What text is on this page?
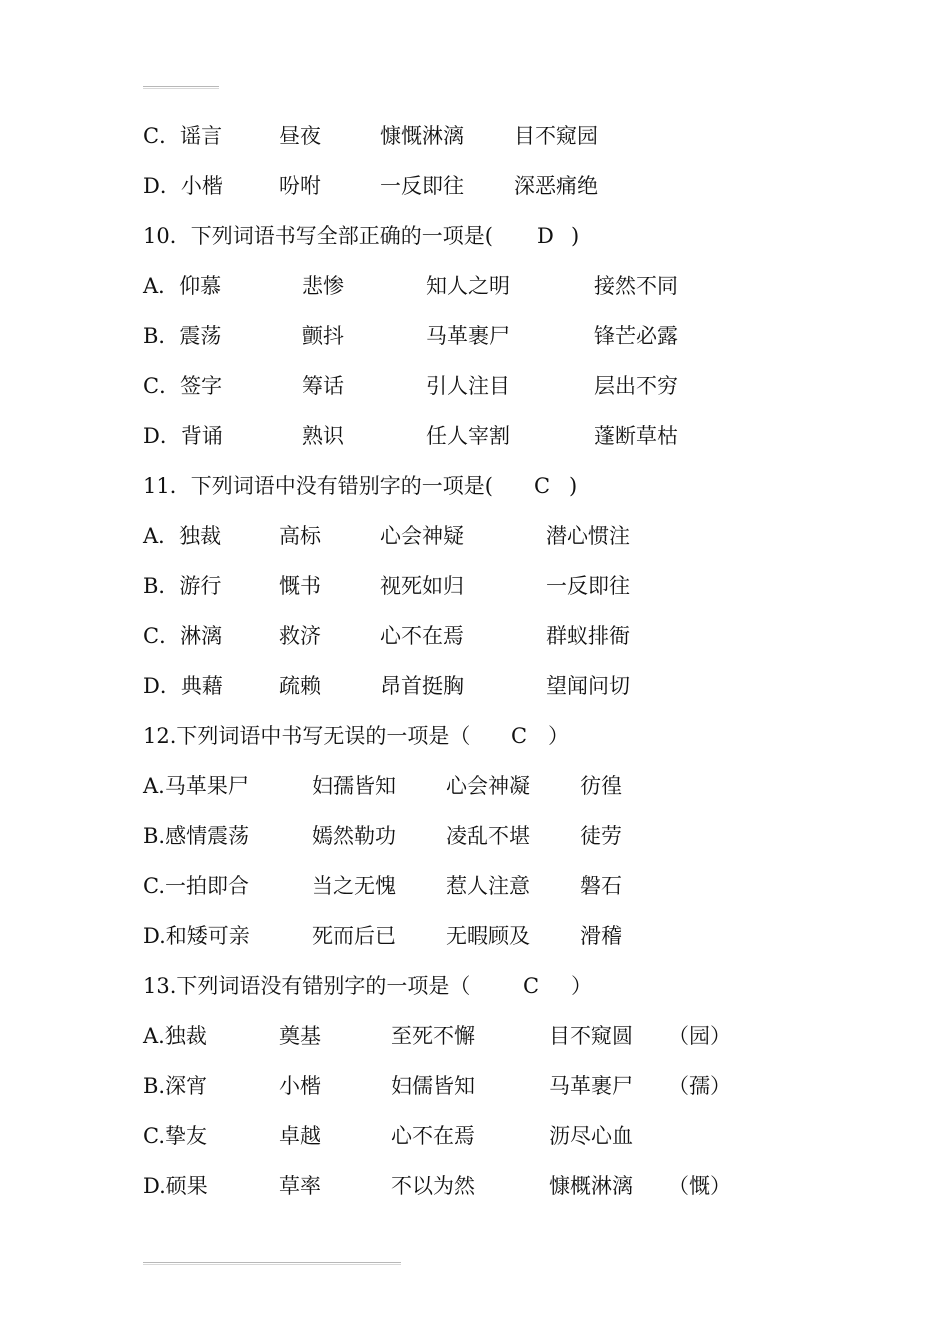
C．谣言	昼夜	慷慨淋漓 目不窥园
D．小楷	吩咐	一反即往 深恶痛绝
10．下列词语书写全部正确的一项是( D )
A．仰慕	悲惨	知人之明	接然不同
B．震荡	颤抖	马革裹尸	锋芒必露
C．签字	筹话	引人注目	层出不穷
D．背诵	熟识	任人宰割	蓬断草枯
11．下列词语中没有错别字的一项是( C )
A．独裁	高标	心会神疑	潜心惯注
B．游行	慨书	视死如归	一反即往
C．淋漓	救济	心不在焉	群蚁排衙
D．典藉	疏赖	昂首挺胸	望闻问切
12.下列词语中书写无误的一项是（ C ）
A.马革果尸	妇孺皆知 心会神凝 彷徨
B.感情震荡	嫣然勒功 凌乱不堪 徒劳
C.一拍即合	当之无愧 惹人注意 磐石
D.和矮可亲	死而后已 无暇顾及 滑稽
13.下列词语没有错别字的一项是（	C ）
A.独裁	奠基	至死不懈	目不窥圆 （园）
B.深宵	小楷	妇儒皆知	马革裹尸 （孺）
C.挚友	卓越	心不在焉	沥尽心血
D.硕果	草率	不以为然	慷概淋漓 （慨）
